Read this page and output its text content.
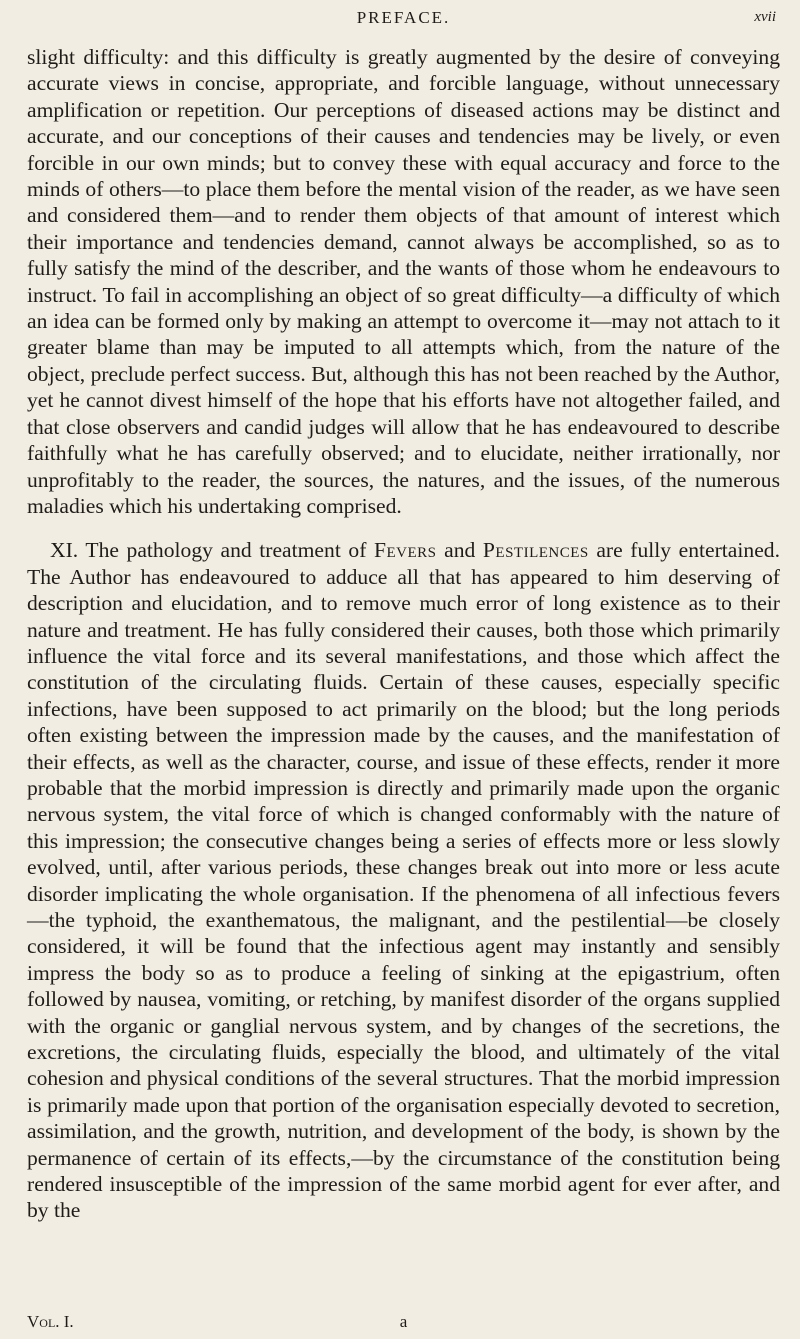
PREFACE.	xvii

slight difficulty: and this difficulty is greatly augmented by the desire of conveying accurate views in concise, appropriate, and forcible language, without unnecessary amplification or repetition. Our perceptions of diseased actions may be distinct and accurate, and our conceptions of their causes and tendencies may be lively, or even forcible in our own minds; but to convey these with equal accuracy and force to the minds of others—to place them before the mental vision of the reader, as we have seen and considered them—and to render them objects of that amount of interest which their importance and tendencies demand, cannot always be accomplished, so as to fully satisfy the mind of the describer, and the wants of those whom he endeavours to instruct. To fail in accomplishing an object of so great difficulty—a difficulty of which an idea can be formed only by making an attempt to overcome it—may not attach to it greater blame than may be imputed to all attempts which, from the nature of the object, preclude perfect success. But, although this has not been reached by the Author, yet he cannot divest himself of the hope that his efforts have not altogether failed, and that close observers and candid judges will allow that he has endeavoured to describe faithfully what he has carefully observed; and to elucidate, neither irrationally, nor unprofitably to the reader, the sources, the natures, and the issues, of the numerous maladies which his undertaking comprised.

XI. The pathology and treatment of Fevers and Pestilences are fully entertained. The Author has endeavoured to adduce all that has appeared to him deserving of description and elucidation, and to remove much error of long existence as to their nature and treatment. He has fully considered their causes, both those which primarily influence the vital force and its several manifestations, and those which affect the constitution of the circulating fluids. Certain of these causes, especially specific infections, have been supposed to act primarily on the blood; but the long periods often existing between the impression made by the causes, and the manifestation of their effects, as well as the character, course, and issue of these effects, render it more probable that the morbid impression is directly and primarily made upon the organic nervous system, the vital force of which is changed conformably with the nature of this impression; the consecutive changes being a series of effects more or less slowly evolved, until, after various periods, these changes break out into more or less acute disorder implicating the whole organisation. If the phenomena of all infectious fevers—the typhoid, the exanthematous, the malignant, and the pestilential—be closely considered, it will be found that the infectious agent may instantly and sensibly impress the body so as to produce a feeling of sinking at the epigastrium, often followed by nausea, vomiting, or retching, by manifest disorder of the organs supplied with the organic or ganglial nervous system, and by changes of the secretions, the excretions, the circulating fluids, especially the blood, and ultimately of the vital cohesion and physical conditions of the several structures. That the morbid impression is primarily made upon that portion of the organisation especially devoted to secretion, assimilation, and the growth, nutrition, and development of the body, is shown by the permanence of certain of its effects,—by the circumstance of the constitution being rendered insusceptible of the impression of the same morbid agent for ever after, and by the

Vol. I.	a
